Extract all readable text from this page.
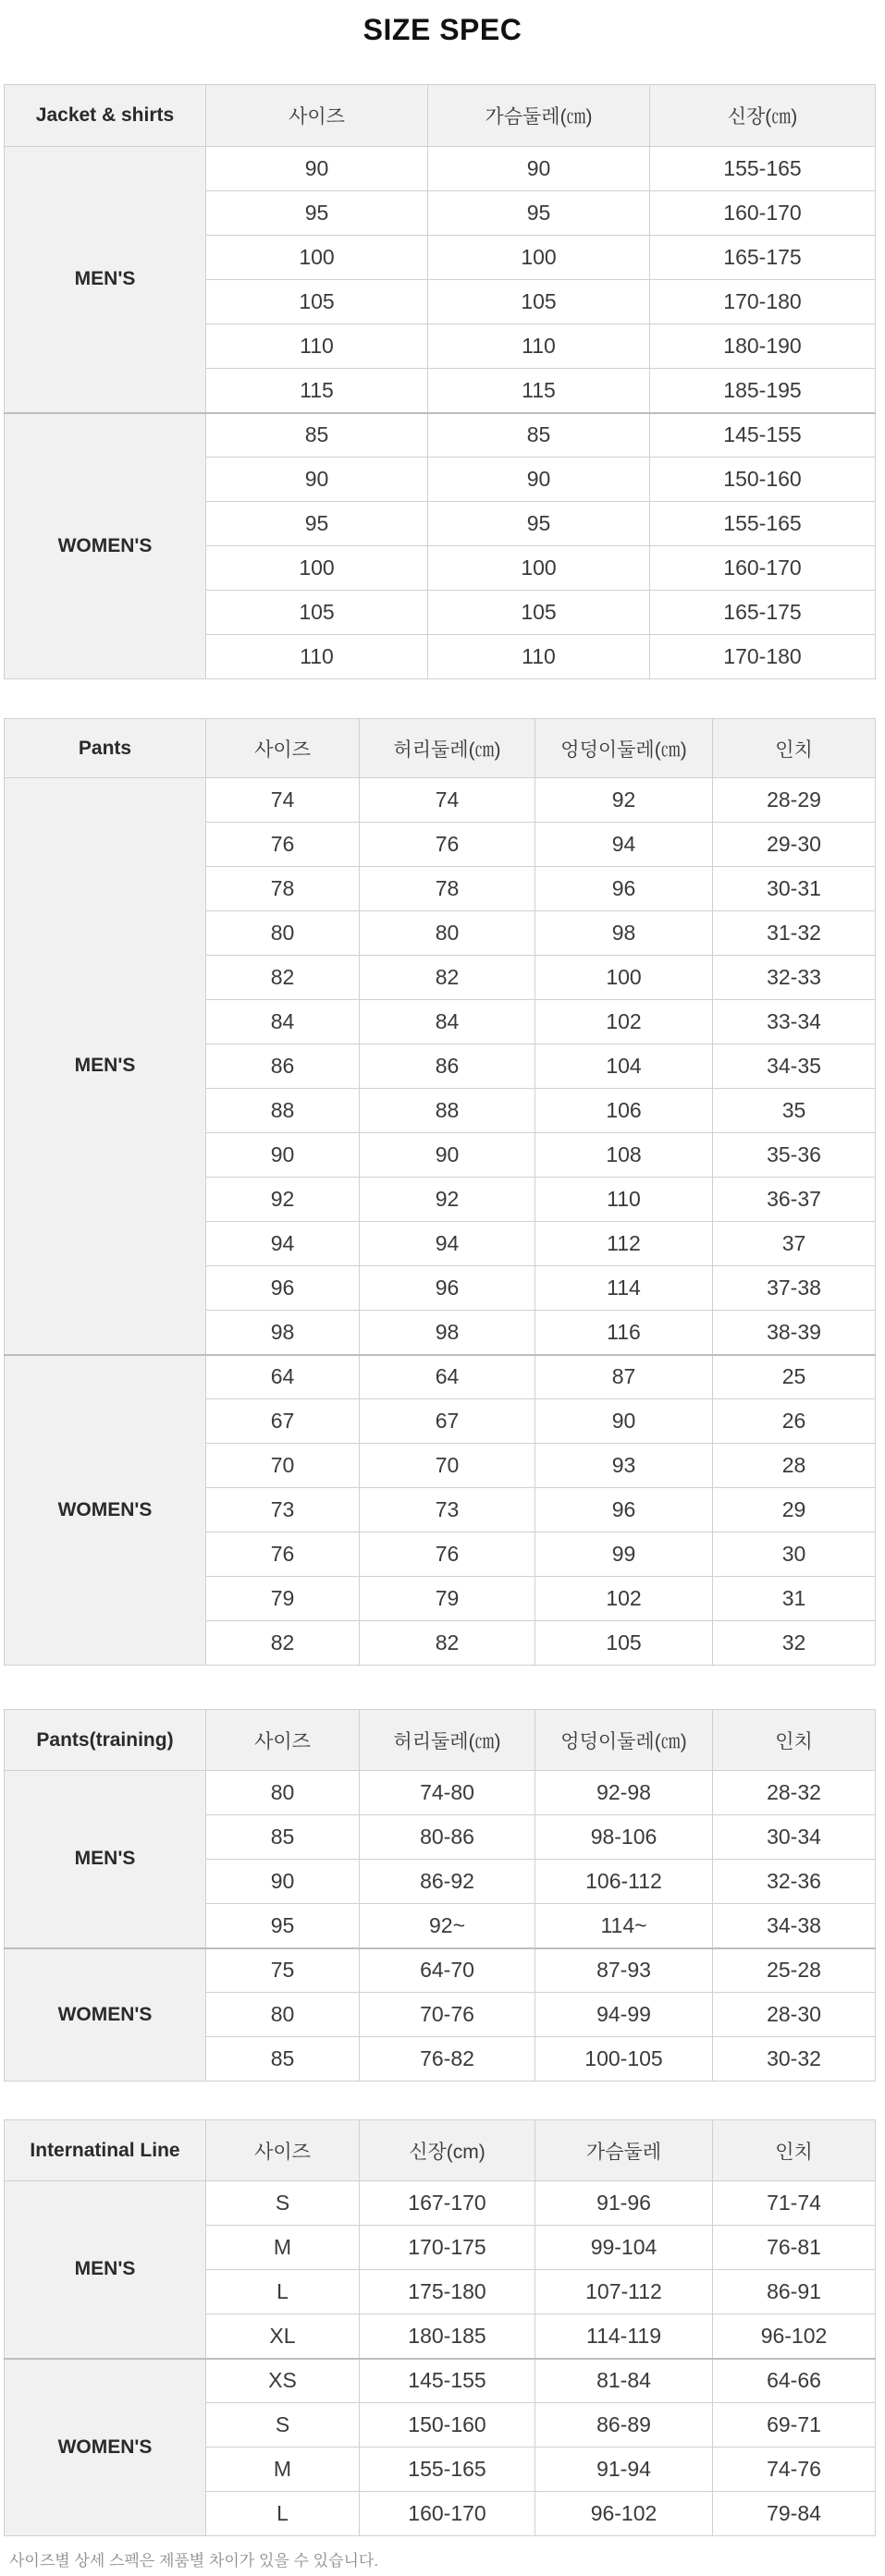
SIZE SPEC
Jacket & shirts	사이즈	가슴둘레(㎝)	신장(㎝)
MEN'S	90	90	155-165
	95	95	160-170
	100	100	165-175
	105	105	170-180
	110	110	180-190
	115	115	185-195
WOMEN'S	85	85	145-155
	90	90	150-160
	95	95	155-165
	100	100	160-170
	105	105	165-175
	110	110	170-180
Pants	사이즈	허리둘레(㎝)	엉덩이둘레(㎝)	인치
MEN'S	74	74	92	28-29
	76	76	94	29-30
	78	78	96	30-31
	80	80	98	31-32
	82	82	100	32-33
	84	84	102	33-34
	86	86	104	34-35
	88	88	106	35
	90	90	108	35-36
	92	92	110	36-37
	94	94	112	37
	96	96	114	37-38
	98	98	116	38-39
WOMEN'S	64	64	87	25
	67	67	90	26
	70	70	93	28
	73	73	96	29
	76	76	99	30
	79	79	102	31
	82	82	105	32
Pants(training)	사이즈	허리둘레(㎝)	엉덩이둘레(㎝)	인치
MEN'S	80	74-80	92-98	28-32
	85	80-86	98-106	30-34
	90	86-92	106-112	32-36
	95	92~	114~	34-38
WOMEN'S	75	64-70	87-93	25-28
	80	70-76	94-99	28-30
	85	76-82	100-105	30-32
Internatinal Line	사이즈	신장(cm)	가슴둘레	인치
MEN'S	S	167-170	91-96	71-74
	M	170-175	99-104	76-81
	L	175-180	107-112	86-91
	XL	180-185	114-119	96-102
WOMEN'S	XS	145-155	81-84	64-66
	S	150-160	86-89	69-71
	M	155-165	91-94	74-76
	L	160-170	96-102	79-84
사이즈별 상세 스펙은 제품별 차이가 있을 수 있습니다.
